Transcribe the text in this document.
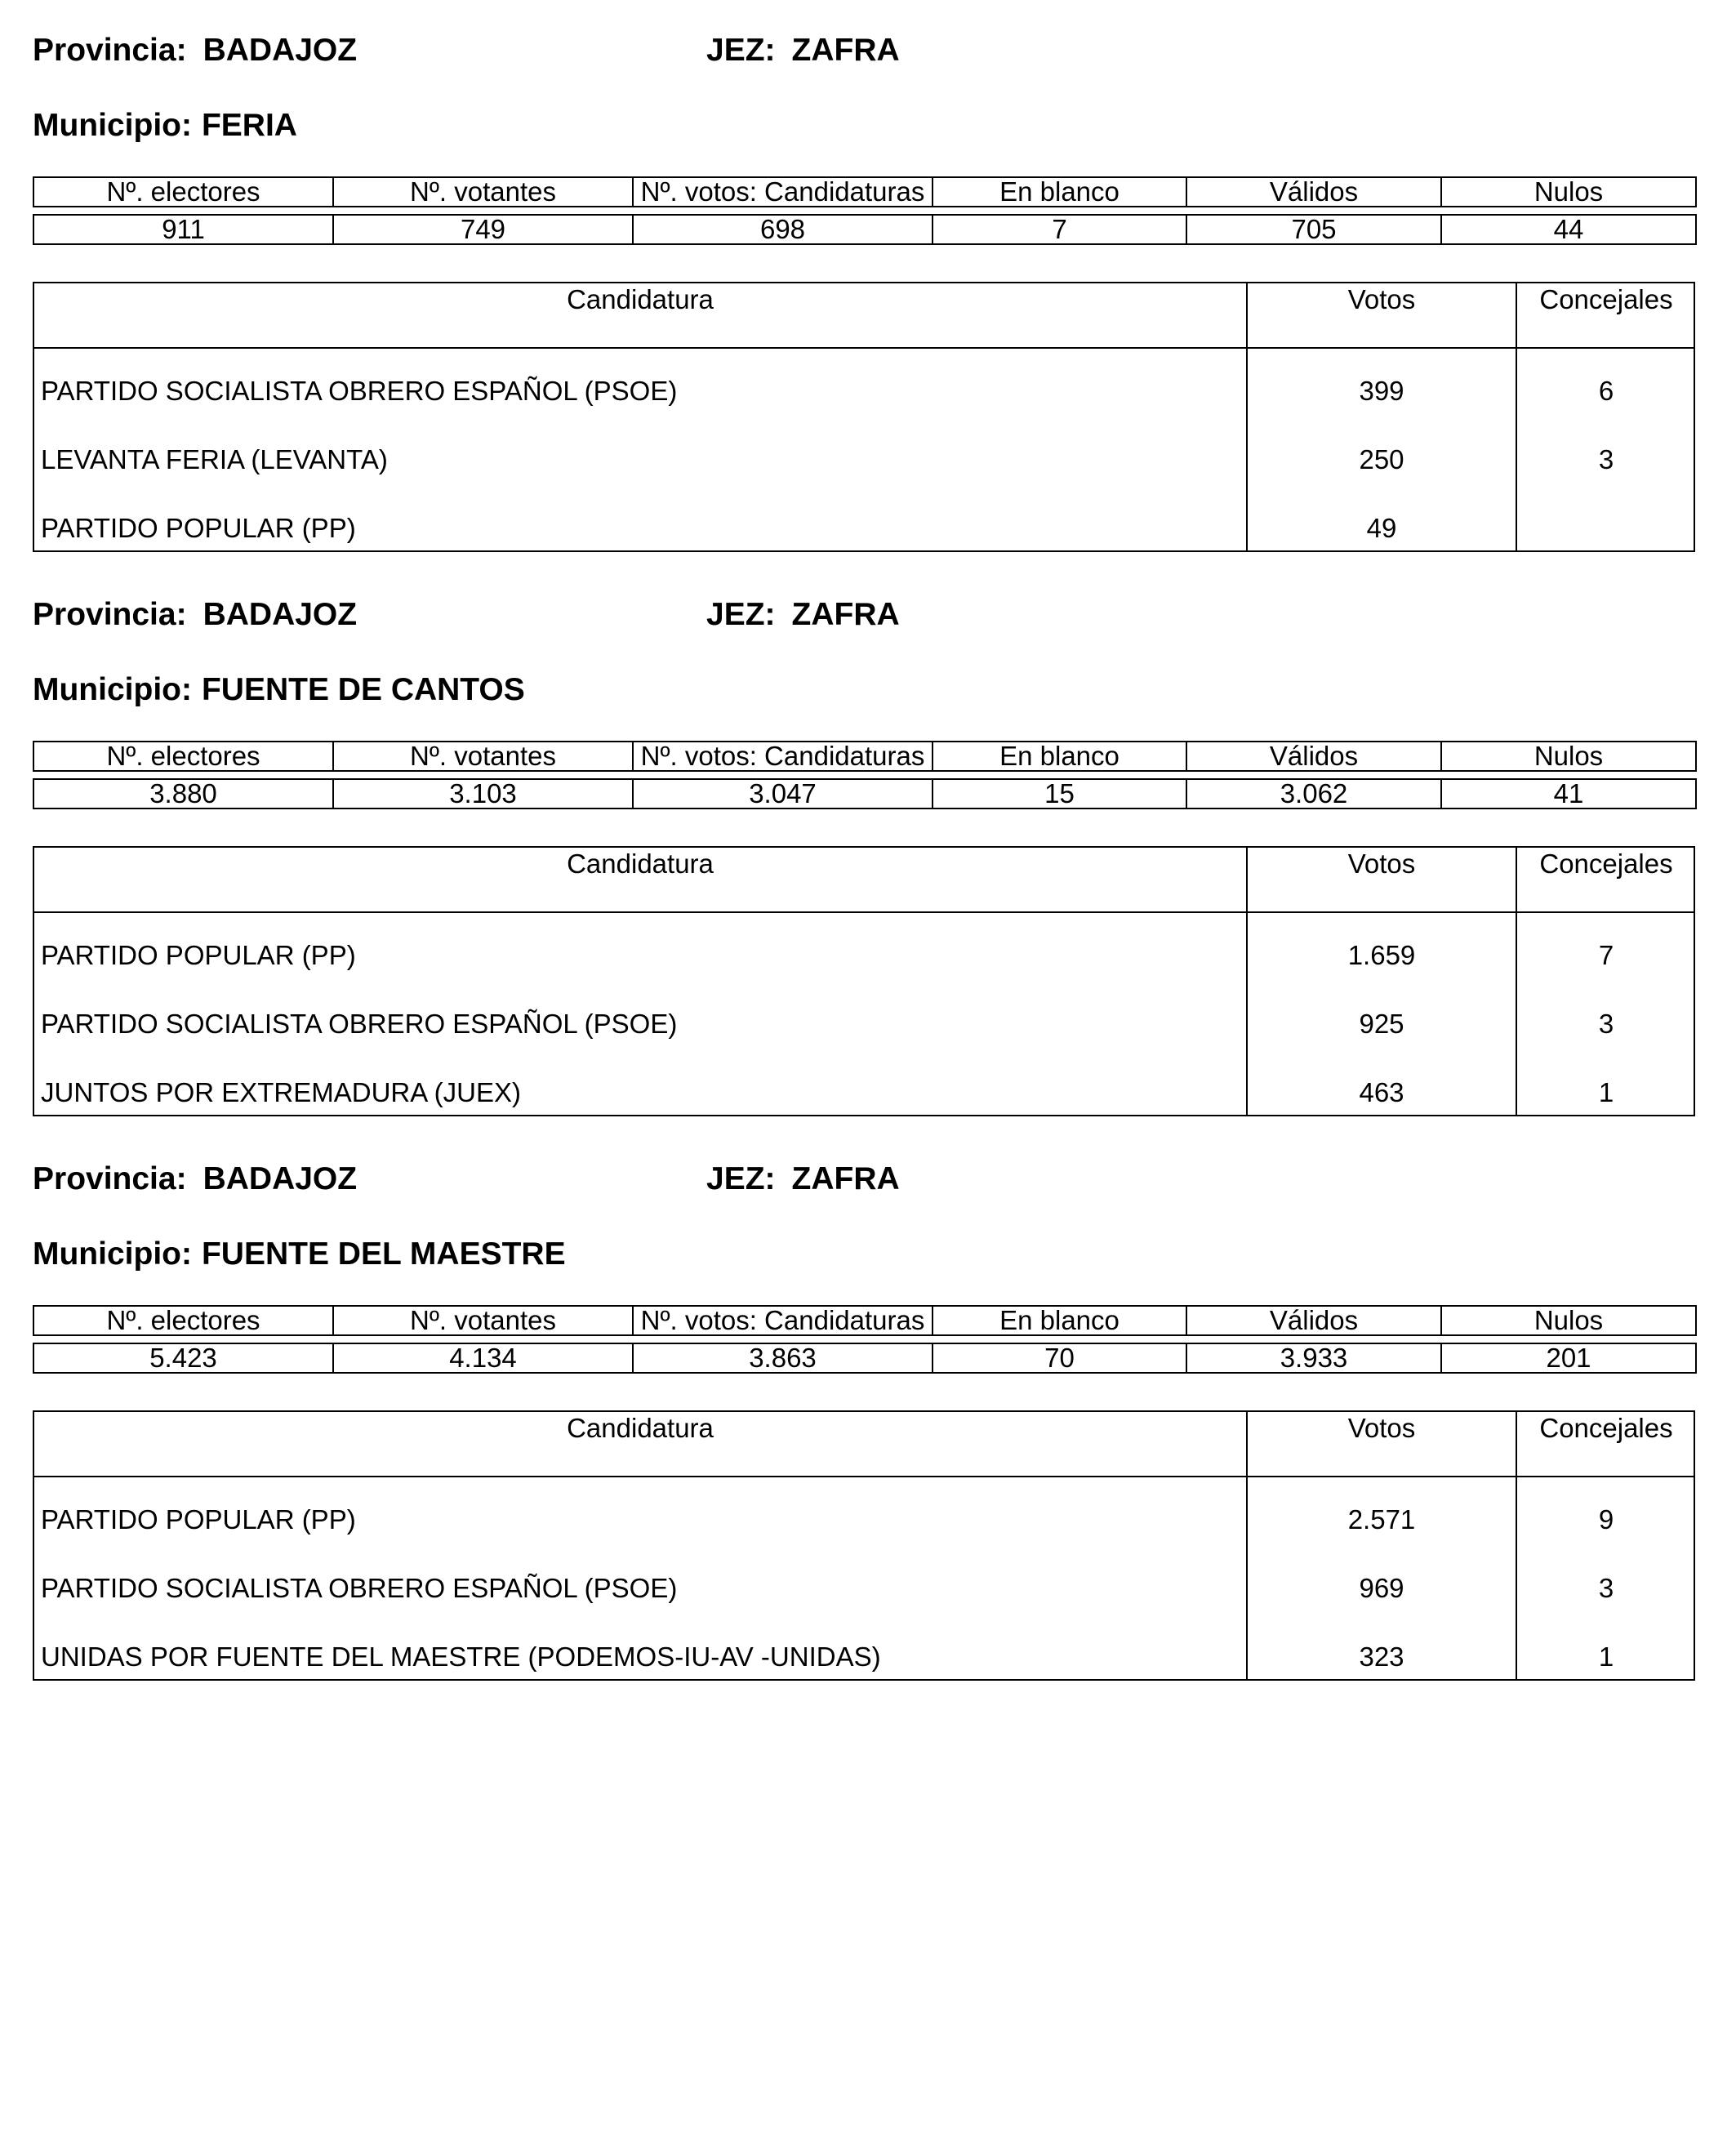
Provincia: BADAJOZ	JEZ: ZAFRA
Municipio: FERIA
Nº. electores	Nº. votantes	Nº. votos: Candidaturas	En blanco	Válidos	Nulos

911	749	698	7	705	44
Candidatura	Votos	Concejales
PARTIDO SOCIALISTA OBRERO ESPAÑOL (PSOE)	399	6
LEVANTA FERIA (LEVANTA)	250	3
PARTIDO POPULAR (PP)	49
Provincia: BADAJOZ	JEZ: ZAFRA
Municipio: FUENTE DE CANTOS
Nº. electores	Nº. votantes	Nº. votos: Candidaturas	En blanco	Válidos	Nulos

3.880	3.103	3.047	15	3.062	41
Candidatura	Votos	Concejales
PARTIDO POPULAR (PP)	1.659	7
PARTIDO SOCIALISTA OBRERO ESPAÑOL (PSOE)	925	3
JUNTOS POR EXTREMADURA (JUEX)	463	1
Provincia: BADAJOZ	JEZ: ZAFRA
Municipio: FUENTE DEL MAESTRE
Nº. electores	Nº. votantes	Nº. votos: Candidaturas	En blanco	Válidos	Nulos

5.423	4.134	3.863	70	3.933	201
Candidatura	Votos	Concejales
PARTIDO POPULAR (PP)	2.571	9
PARTIDO SOCIALISTA OBRERO ESPAÑOL (PSOE)	969	3
UNIDAS POR FUENTE DEL MAESTRE (PODEMOS-IU-AV -UNIDAS)	323	1
